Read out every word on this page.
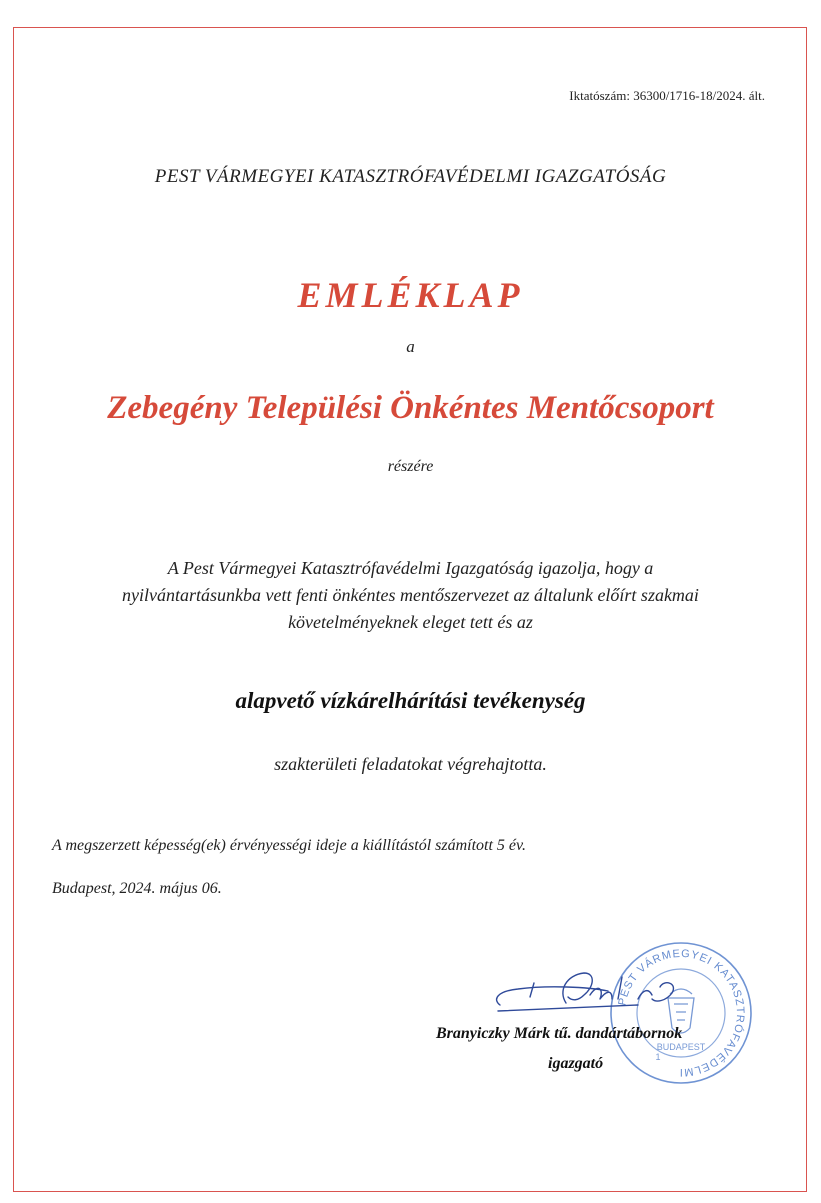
Iktatószám: 36300/1716-18/2024. ált.

PEST VÁRMEGYEI KATASZTRÓFAVÉDELMI IGAZGATÓSÁG

EMLÉKLAP

a

Zebegény Települési Önkéntes Mentőcsoport

részére

A Pest Vármegyei Katasztrófavédelmi Igazgatóság igazolja, hogy a
nyilvántartásunkba vett fenti önkéntes mentőszervezet az általunk előírt szakmai
követelményeknek eleget tett és az

alapvető vízkárelhárítási tevékenység

szakterületi feladatokat végrehajtotta.

A megszerzett képesség(ek) érvényességi ideje a kiállítástól számított 5 év.

Budapest, 2024. május 06.

PEST VÁRMEGYEI KATASZTRÓFAVÉDELMI
BUDAPEST
1

Branyiczky Márk tű. dandártábornok

igazgató
